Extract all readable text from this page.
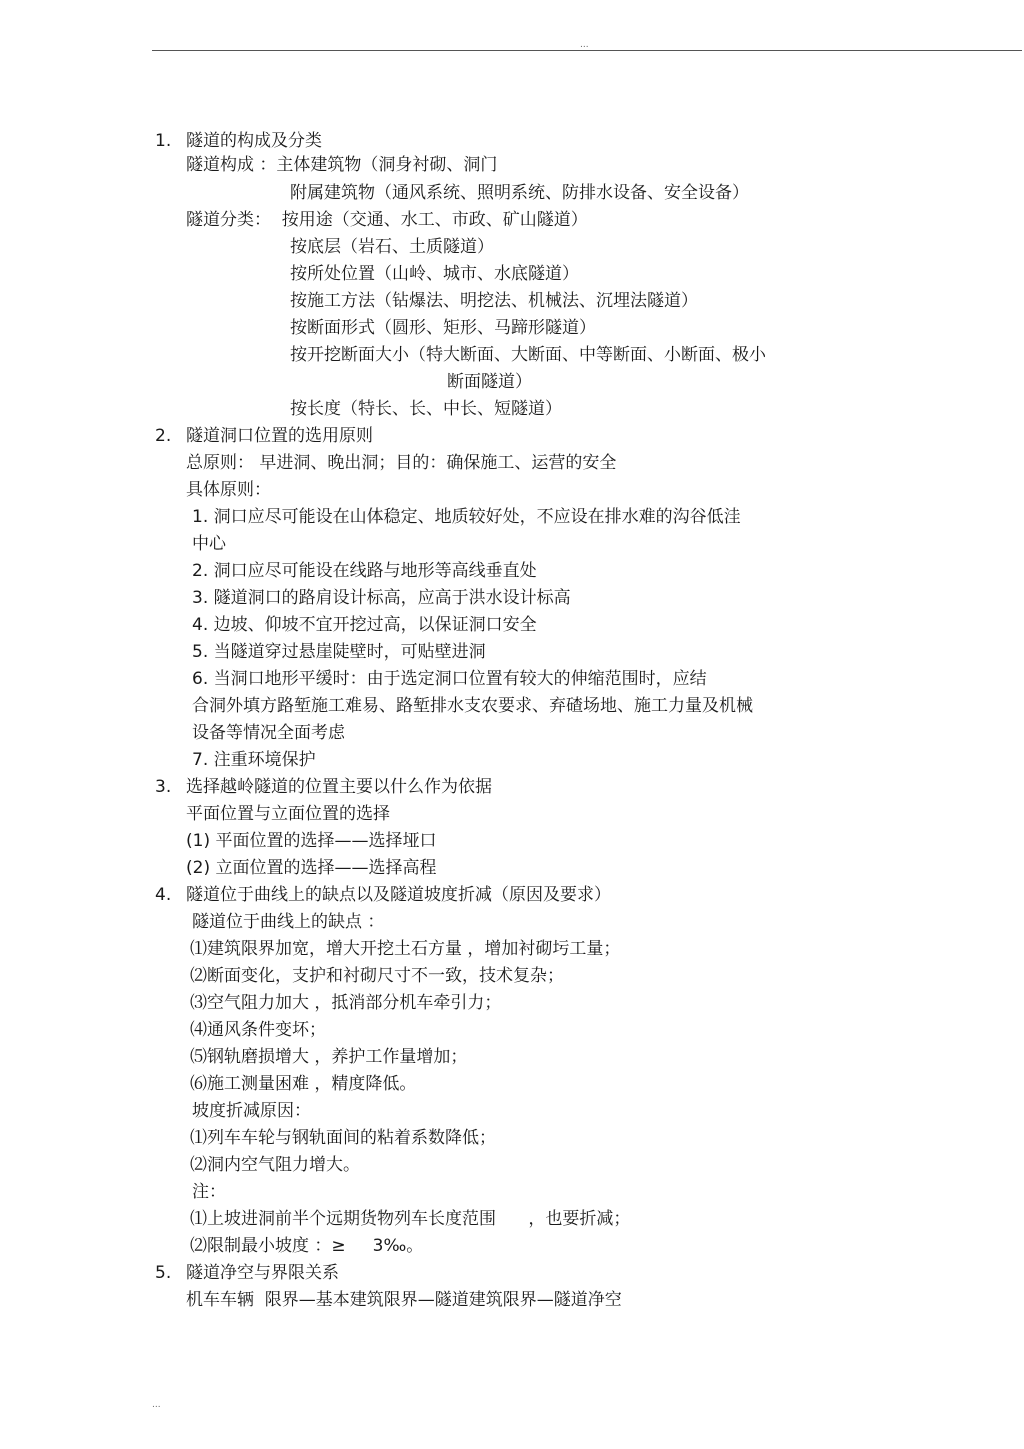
...
1. 隧道的构成及分类
隧道构成 ：主体建筑物（洞身衬砌、洞门
附属建筑物（通风系统、照明系统、防排水设备、安全设备）
隧道分类：  按用途（交通、水工、市政、矿山隧道）
按底层（岩石、土质隧道）
按所处位置（山岭、城市、水底隧道）
按施工方法（钻爆法、明挖法、机械法、沉埋法隧道）
按断面形式（圆形、矩形、马蹄形隧道）
按开挖断面大小（特大断面、大断面、中等断面、小断面、极小
断面隧道）
按长度（特长、长、中长、短隧道）
2. 隧道洞口位置的选用原则
总原则： 早进洞、晚出洞；目的：确保施工、运营的安全
具体原则：
1. 洞口应尽可能设在山体稳定、地质较好处，不应设在排水难的沟谷低洼
中心
2. 洞口应尽可能设在线路与地形等高线垂直处
3. 隧道洞口的路肩设计标高，应高于洪水设计标高
4. 边坡、仰坡不宜开挖过高，以保证洞口安全
5. 当隧道穿过悬崖陡壁时，可贴壁进洞
6. 当洞口地形平缓时：由于选定洞口位置有较大的伸缩范围时，应结
合洞外填方路堑施工难易、路堑排水支农要求、弃碴场地、施工力量及机械
设备等情况全面考虑
7. 注重环境保护
3. 选择越岭隧道的位置主要以什么作为依据
平面位置与立面位置的选择
(1) 平面位置的选择——选择垭口
(2) 立面位置的选择——选择高程
4. 隧道位于曲线上的缺点以及隧道坡度折减（原因及要求）
隧道位于曲线上的缺点 ：
⑴建筑限界加宽，增大开挖土石方量 ，增加衬砌圬工量；
⑵断面变化，支护和衬砌尺寸不一致，技术复杂；
⑶空气阻力加大 ，抵消部分机车牵引力；
⑷通风条件变坏；
⑸钢轨磨损增大 ，养护工作量增加；
⑹施工测量困难 ，精度降低。
坡度折减原因：
⑴列车车轮与钢轨面间的粘着系数降低；
⑵洞内空气阻力增大。
注：
⑴上坡进洞前半个远期货物列车长度范围      ，也要折减；
⑵限制最小坡度 ：≥     3‰。
5. 隧道净空与界限关系
机车车辆  限界—基本建筑限界—隧道建筑限界—隧道净空
...
